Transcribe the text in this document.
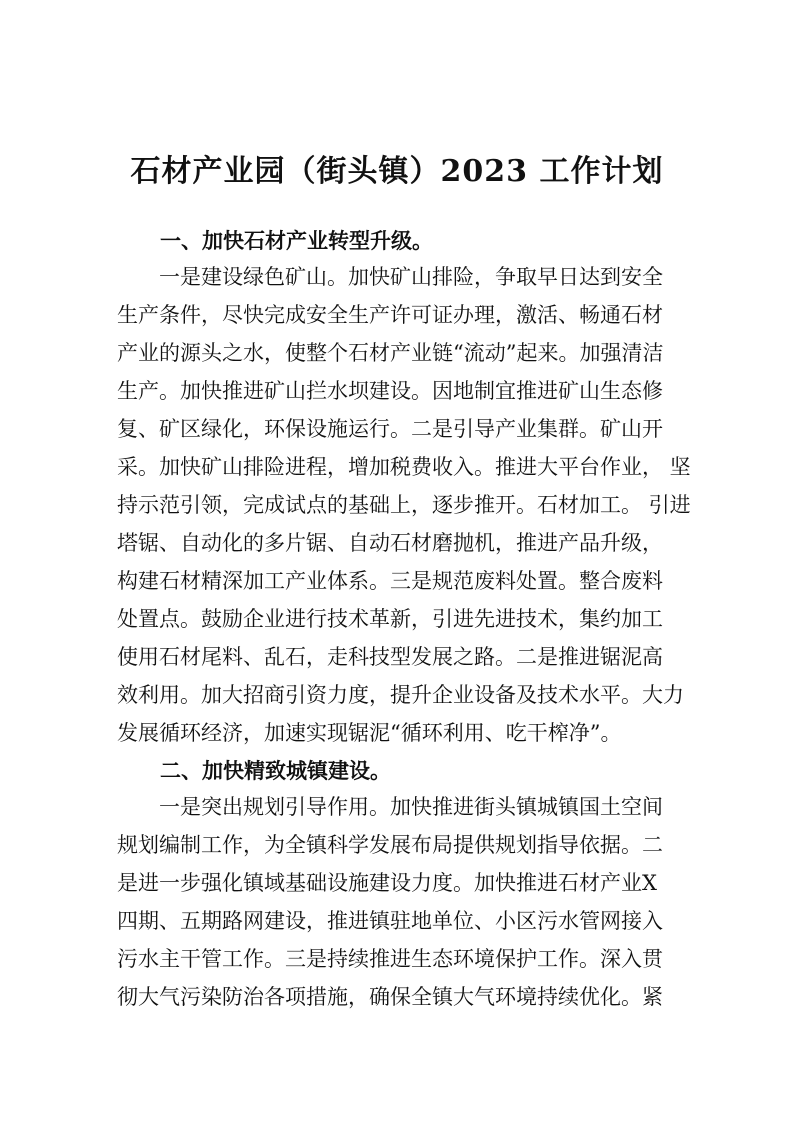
石材产业园（街头镇）2023 工作计划
一、加快石材产业转型升级。
　　一是建设绿色矿山。加快矿山排险，争取早日达到安全
生产条件，尽快完成安全生产许可证办理，激活、畅通石材
产业的源头之水，使整个石材产业链“流动”起来。加强清洁
生产。加快推进矿山拦水坝建设。因地制宜推进矿山生态修
复、矿区绿化，环保设施运行。二是引导产业集群。矿山开
采。加快矿山排险进程，增加税费收入。推进大平台作业， 坚
持示范引领，完成试点的基础上，逐步推开。石材加工。 引进
塔锯、自动化的多片锯、自动石材磨抛机，推进产品升级，
构建石材精深加工产业体系。三是规范废料处置。整合废料
处置点。鼓励企业进行技术革新，引进先进技术，集约加工
使用石材尾料、乱石，走科技型发展之路。二是推进锯泥高
效利用。加大招商引资力度，提升企业设备及技术水平。大力
发展循环经济，加速实现锯泥“循环利用、吃干榨净”。
二、加快精致城镇建设。
　　一是突出规划引导作用。加快推进街头镇城镇国土空间
规划编制工作，为全镇科学发展布局提供规划指导依据。二
是进一步强化镇域基础设施建设力度。加快推进石材产业X
四期、五期路网建设，推进镇驻地单位、小区污水管网接入
污水主干管工作。三是持续推进生态环境保护工作。深入贯
彻大气污染防治各项措施，确保全镇大气环境持续优化。紧
